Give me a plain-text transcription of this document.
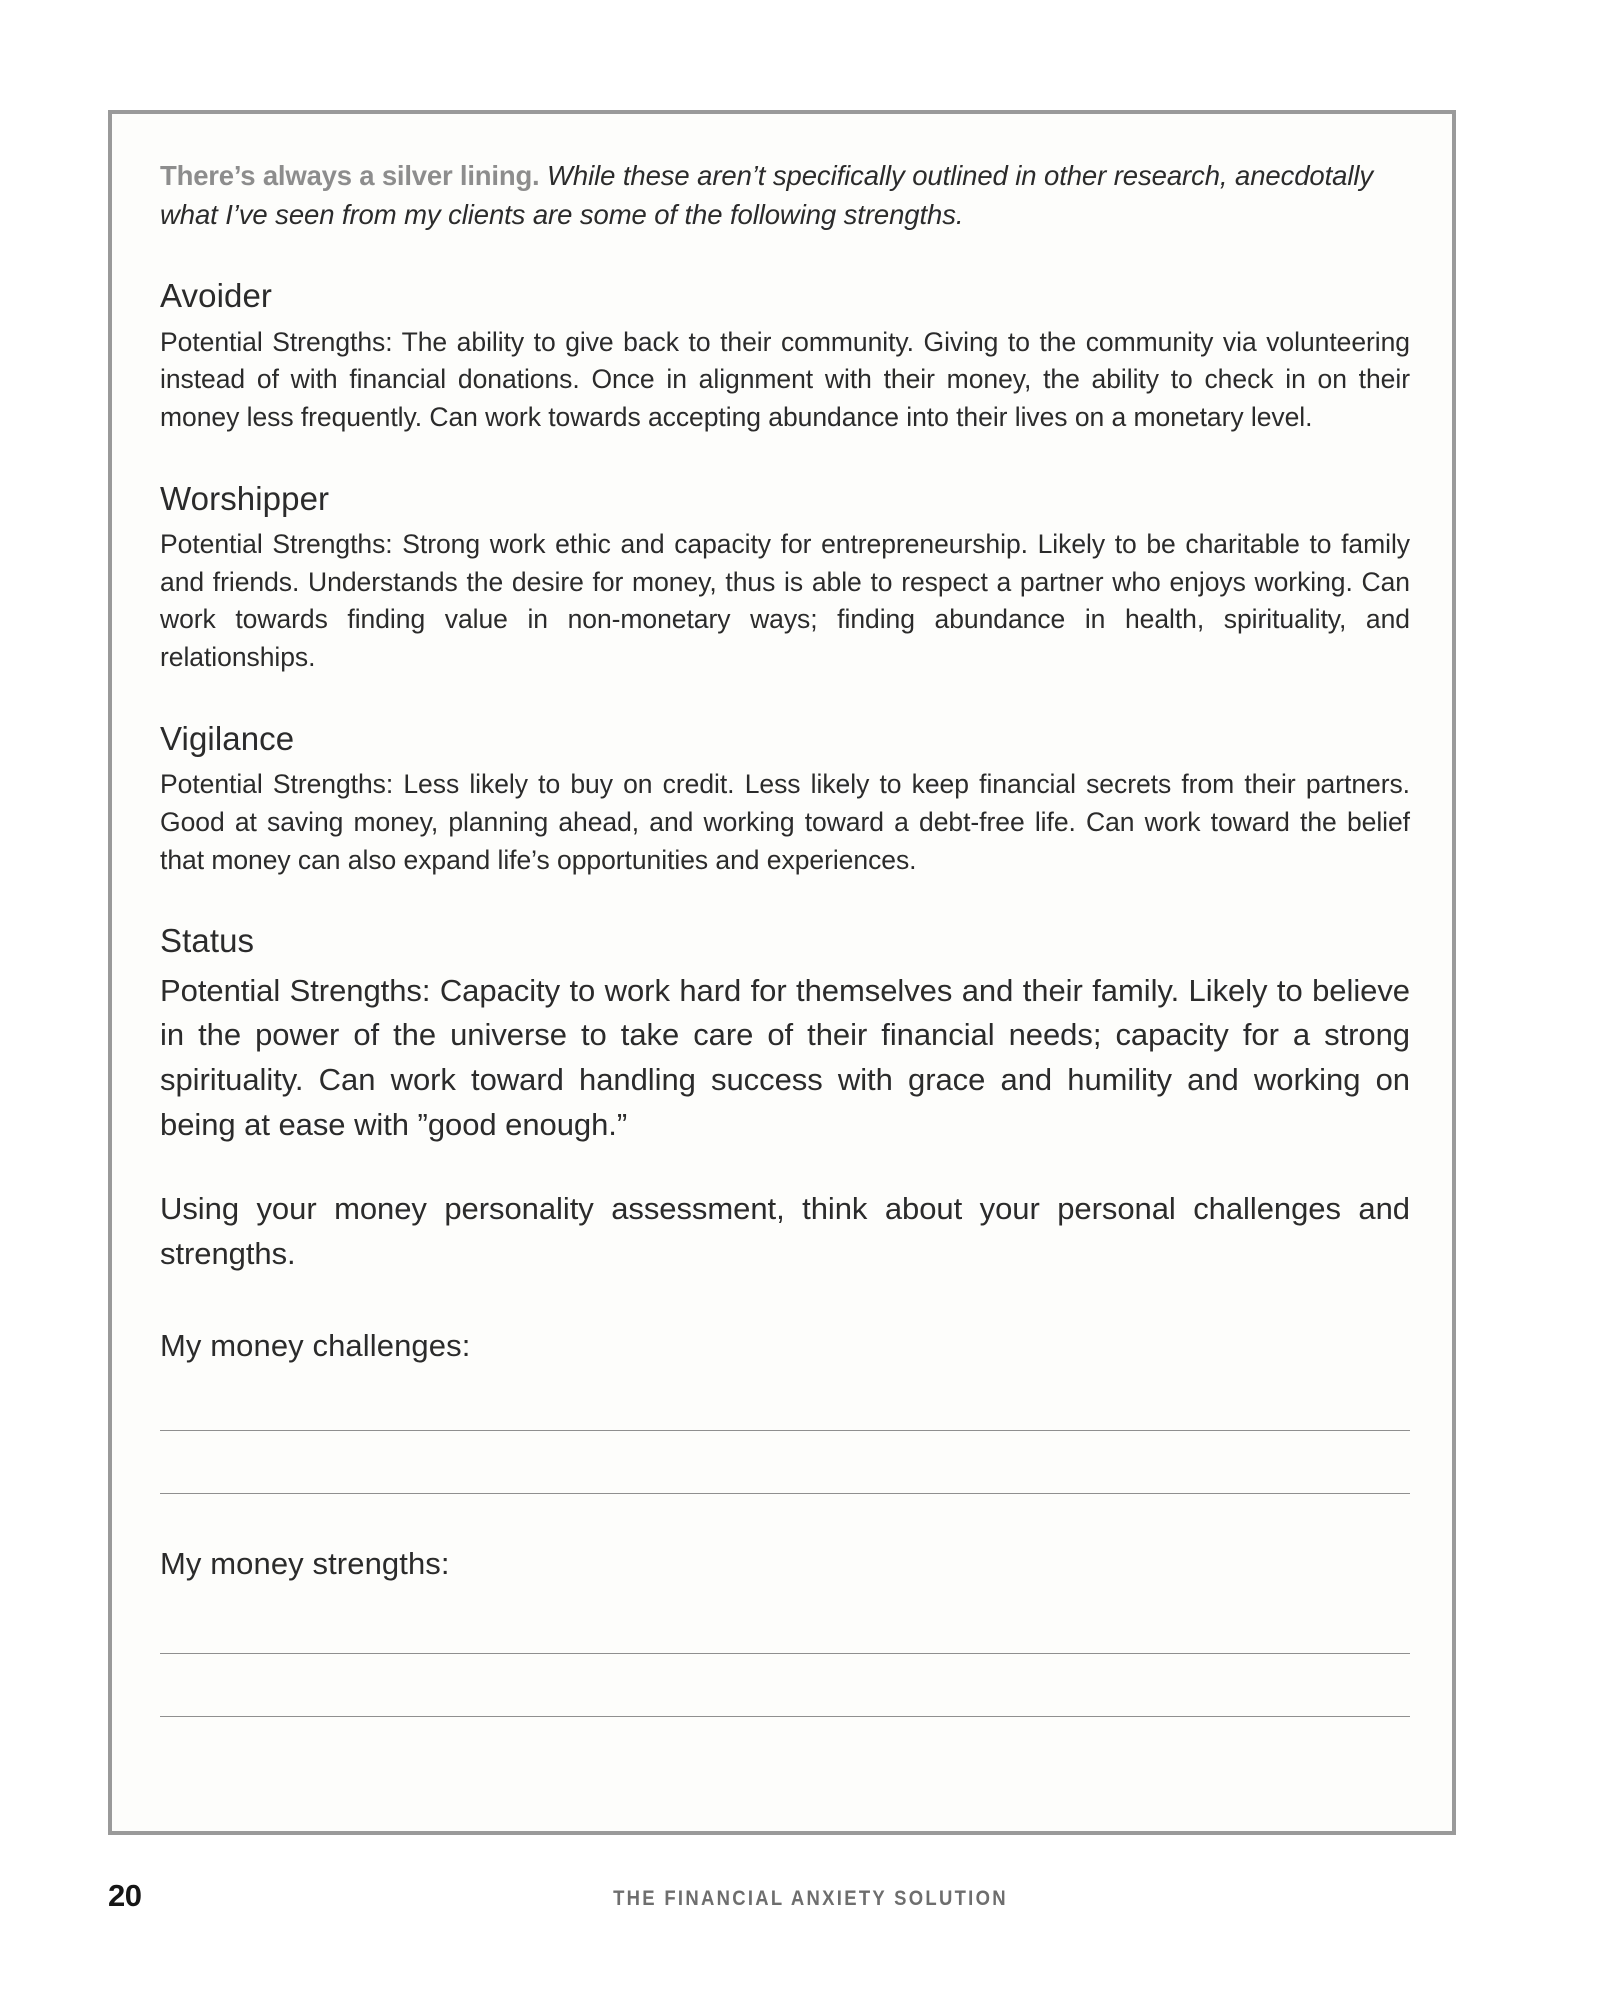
There’s always a silver lining. While these aren’t specifically outlined in other research, anecdotally what I’ve seen from my clients are some of the following strengths.

Avoider

Potential Strengths: The ability to give back to their community. Giving to the community via volunteering instead of with financial donations. Once in alignment with their money, the ability to check in on their money less frequently. Can work towards accepting abundance into their lives on a monetary level.

Worshipper

Potential Strengths: Strong work ethic and capacity for entrepreneurship. Likely to be charitable to family and friends. Understands the desire for money, thus is able to respect a partner who enjoys working. Can work towards finding value in non-monetary ways; finding abundance in health, spirituality, and relationships.

Vigilance

Potential Strengths: Less likely to buy on credit. Less likely to keep financial secrets from their partners. Good at saving money, planning ahead, and working toward a debt-free life. Can work toward the belief that money can also expand life’s opportunities and experiences.

Status

Potential Strengths: Capacity to work hard for themselves and their family. Likely to believe in the power of the universe to take care of their financial needs; capacity for a strong spirituality. Can work toward handling success with grace and humility and working on being at ease with ”good enough.”

Using your money personality assessment, think about your personal challenges and strengths.

My money challenges:

My money strengths:

20	THE FINANCIAL ANXIETY SOLUTION
